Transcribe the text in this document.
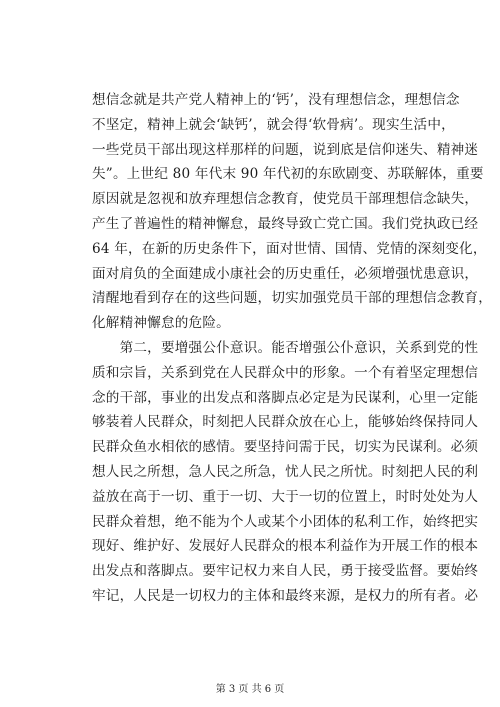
想信念就是共产党人精神上的‘钙’，没有理想信念，理想信念
不坚定，精神上就会‘缺钙’，就会得‘软骨病’。现实生活中，
一些党员干部出现这样那样的问题，说到底是信仰迷失、精神迷
失”。上世纪 80 年代末 90 年代初的东欧剧变、苏联解体，重要
原因就是忽视和放弃理想信念教育，使党员干部理想信念缺失，
产生了普遍性的精神懈怠，最终导致亡党亡国。我们党执政已经
64 年，在新的历史条件下，面对世情、国情、党情的深刻变化，
面对肩负的全面建成小康社会的历史重任，必须增强忧患意识，
清醒地看到存在的这些问题，切实加强党员干部的理想信念教育，
化解精神懈怠的危险。
　　第二，要增强公仆意识。能否增强公仆意识，关系到党的性
质和宗旨，关系到党在人民群众中的形象。一个有着坚定理想信
念的干部，事业的出发点和落脚点必定是为民谋利，心里一定能
够装着人民群众，时刻把人民群众放在心上，能够始终保持同人
民群众鱼水相依的感情。要坚持问需于民，切实为民谋利。必须
想人民之所想，急人民之所急，忧人民之所忧。时刻把人民的利
益放在高于一切、重于一切、大于一切的位置上，时时处处为人
民群众着想，绝不能为个人或某个小团体的私利工作，始终把实
现好、维护好、发展好人民群众的根本利益作为开展工作的根本
出发点和落脚点。要牢记权力来自人民，勇于接受监督。要始终
牢记，人民是一切权力的主体和最终来源，是权力的所有者。必
第 3 页 共 6 页
